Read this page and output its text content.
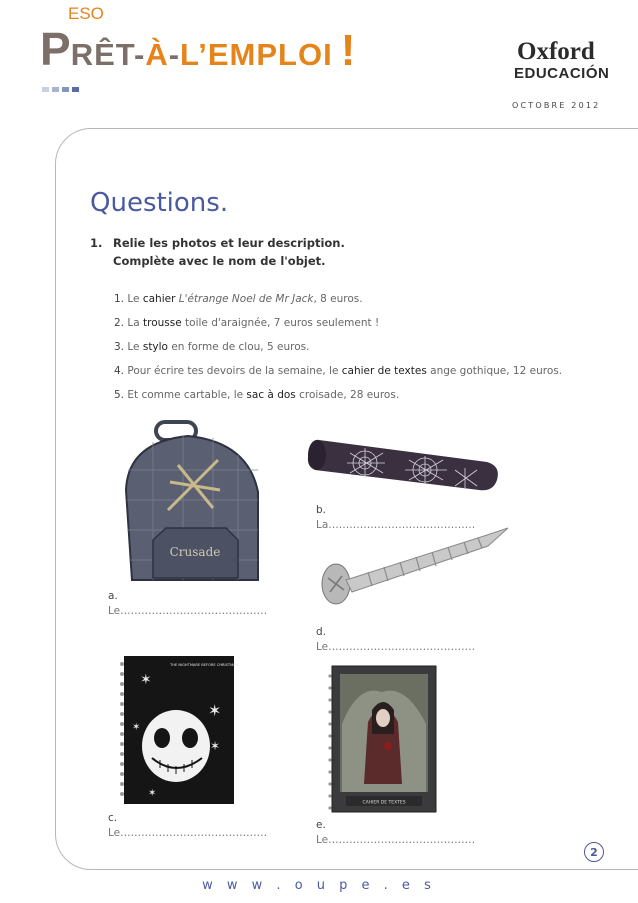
ESO
PRÊT-À-L’EMPLOI !	Oxford
EDUCACIÓN
OCTOBRE 2012
Questions.
1. Relie les photos et leur description.
Complète avec le nom de l'objet.
1. Le cahier L'étrange Noel de Mr Jack, 8 euros.
2. La trousse toile d'araignée, 7 euros seulement !
3. Le stylo en forme de clou, 5 euros.
4. Pour écrire tes devoirs de la semaine, le cahier de textes ange gothique, 12 euros.
5. Et comme cartable, le sac à dos croisade, 28 euros.
Crusade
a.
Le……………………………………
b.
La……………………………………
d.
Le……………………………………
THE NIGHTMARE BEFORE CHRISTMAS
✶
✶
✶
✶
✶
c.
Le……………………………………
CAHIER DE TEXTES
e.
Le……………………………………
2
w w w . o u p e . e s
